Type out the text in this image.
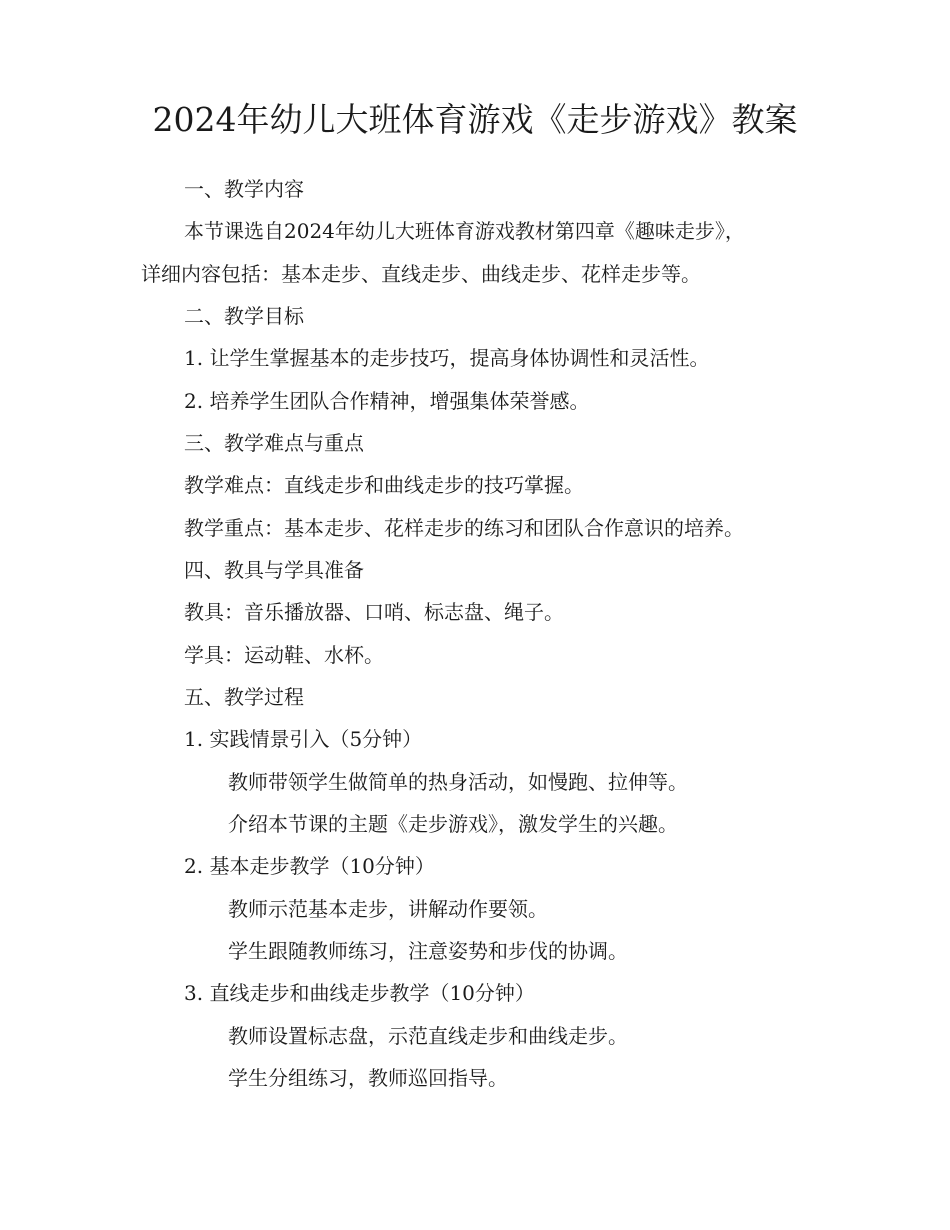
2024年幼儿大班体育游戏《走步游戏》教案
一、教学内容
本节课选自2024年幼儿大班体育游戏教材第四章《趣味走步》，
详细内容包括：基本走步、直线走步、曲线走步、花样走步等。
二、教学目标
1. 让学生掌握基本的走步技巧，提高身体协调性和灵活性。
2. 培养学生团队合作精神，增强集体荣誉感。
三、教学难点与重点
教学难点：直线走步和曲线走步的技巧掌握。
教学重点：基本走步、花样走步的练习和团队合作意识的培养。
四、教具与学具准备
教具：音乐播放器、口哨、标志盘、绳子。
学具：运动鞋、水杯。
五、教学过程
1. 实践情景引入（5分钟）
教师带领学生做简单的热身活动，如慢跑、拉伸等。
介绍本节课的主题《走步游戏》，激发学生的兴趣。
2. 基本走步教学（10分钟）
教师示范基本走步，讲解动作要领。
学生跟随教师练习，注意姿势和步伐的协调。
3. 直线走步和曲线走步教学（10分钟）
教师设置标志盘，示范直线走步和曲线走步。
学生分组练习，教师巡回指导。
